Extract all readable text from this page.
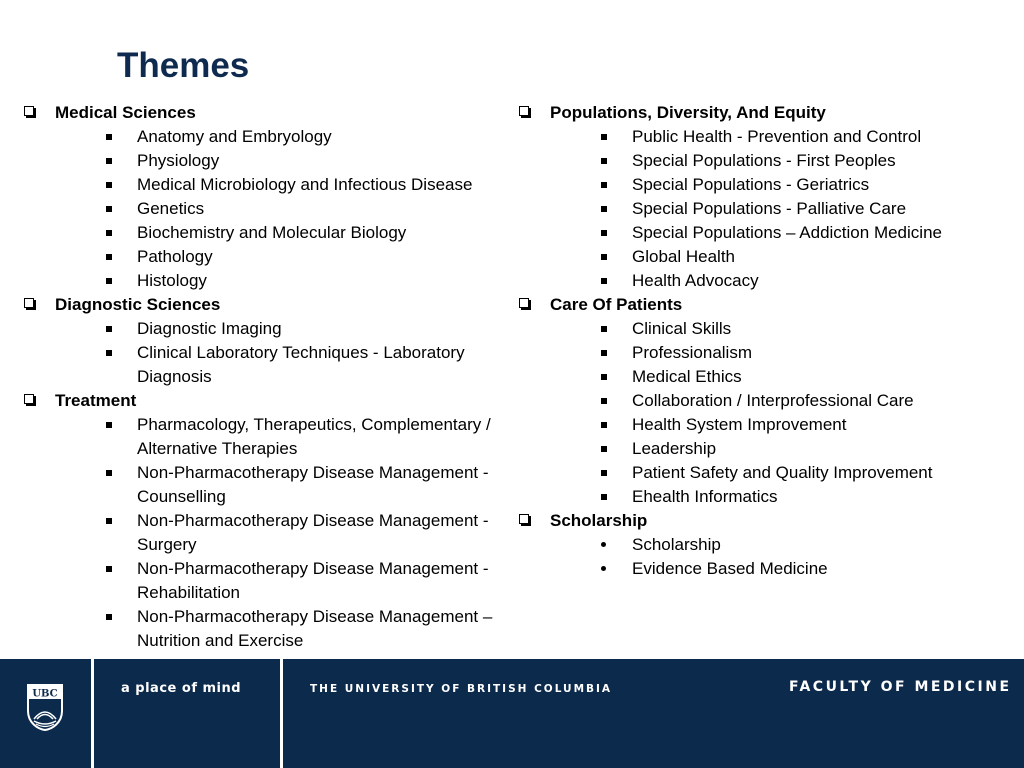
Themes
Medical Sciences
Anatomy and Embryology
Physiology
Medical Microbiology and Infectious Disease
Genetics
Biochemistry and Molecular Biology
Pathology
Histology
Diagnostic Sciences
Diagnostic Imaging
Clinical Laboratory Techniques - Laboratory Diagnosis
Treatment
Pharmacology, Therapeutics, Complementary / Alternative Therapies
Non-Pharmacotherapy Disease Management - Counselling
Non-Pharmacotherapy Disease Management - Surgery
Non-Pharmacotherapy Disease Management - Rehabilitation
Non-Pharmacotherapy Disease Management – Nutrition and Exercise
Populations, Diversity, And Equity
Public Health - Prevention and Control
Special Populations - First Peoples
Special Populations - Geriatrics
Special Populations - Palliative Care
Special Populations – Addiction Medicine
Global Health
Health Advocacy
Care Of Patients
Clinical Skills
Professionalism
Medical Ethics
Collaboration / Interprofessional Care
Health System Improvement
Leadership
Patient Safety and Quality Improvement
Ehealth Informatics
Scholarship
Scholarship
Evidence Based Medicine
UBC	a place of mind	THE UNIVERSITY OF BRITISH COLUMBIA	FACULTY OF MEDICINE
